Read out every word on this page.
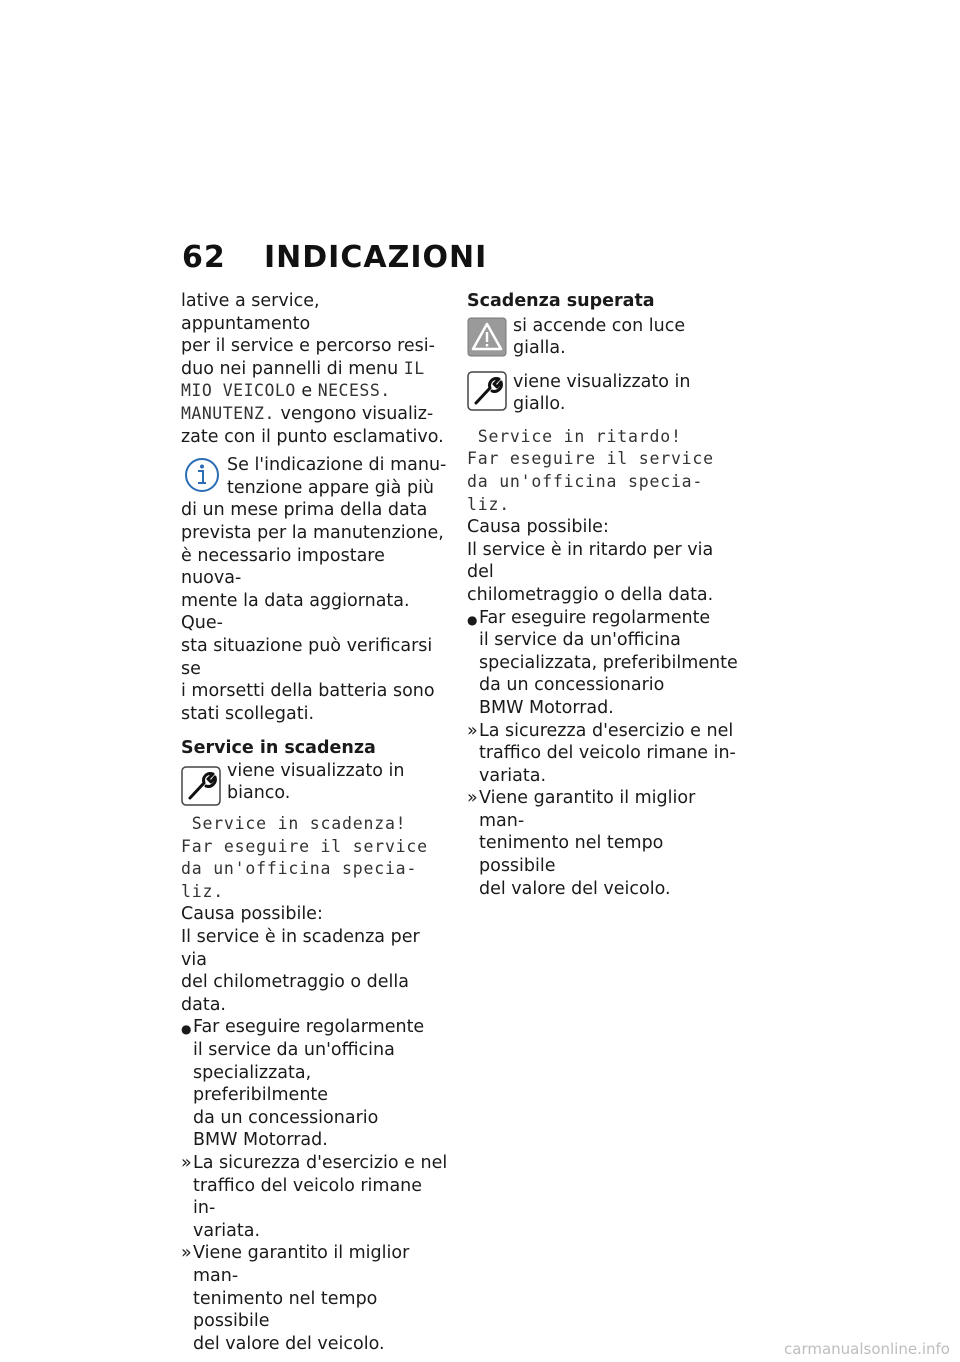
62 INDICAZIONI

lative a service, appuntamento
per il service e percorso resi-
duo nei pannelli di menu IL
MIO VEICOLO e NECESS.
MANUTENZ. vengono visualiz-
zate con il punto esclamativo.

Se l'indicazione di manu-
tenzione appare già più

di un mese prima della data
prevista per la manutenzione,
è necessario impostare nuova-
mente la data aggiornata. Que-
sta situazione può verificarsi se
i morsetti della batteria sono
stati scollegati.

Service in scadenza

viene visualizzato in
bianco.
Service in scadenza!
Far eseguire il service
da un'officina specia-
liz.

Causa possibile:

Il service è in scadenza per via
del chilometraggio o della data.

● Far eseguire regolarmente
il service da un'officina
specializzata, preferibilmente
da un concessionario
BMW Motorrad.
» La sicurezza d'esercizio e nel
traffico del veicolo rimane in-
variata.
» Viene garantito il miglior man-
tenimento nel tempo possibile
del valore del veicolo.

Scadenza superata

si accende con luce gialla.
viene visualizzato in giallo.
Service in ritardo!
Far eseguire il service
da un'officina specia-
liz.

Causa possibile:

Il service è in ritardo per via del
chilometraggio o della data.

● Far eseguire regolarmente
il service da un'officina
specializzata, preferibilmente
da un concessionario
BMW Motorrad.
» La sicurezza d'esercizio e nel
traffico del veicolo rimane in-
variata.
» Viene garantito il miglior man-
tenimento nel tempo possibile
del valore del veicolo.
carmanualsonline.info
